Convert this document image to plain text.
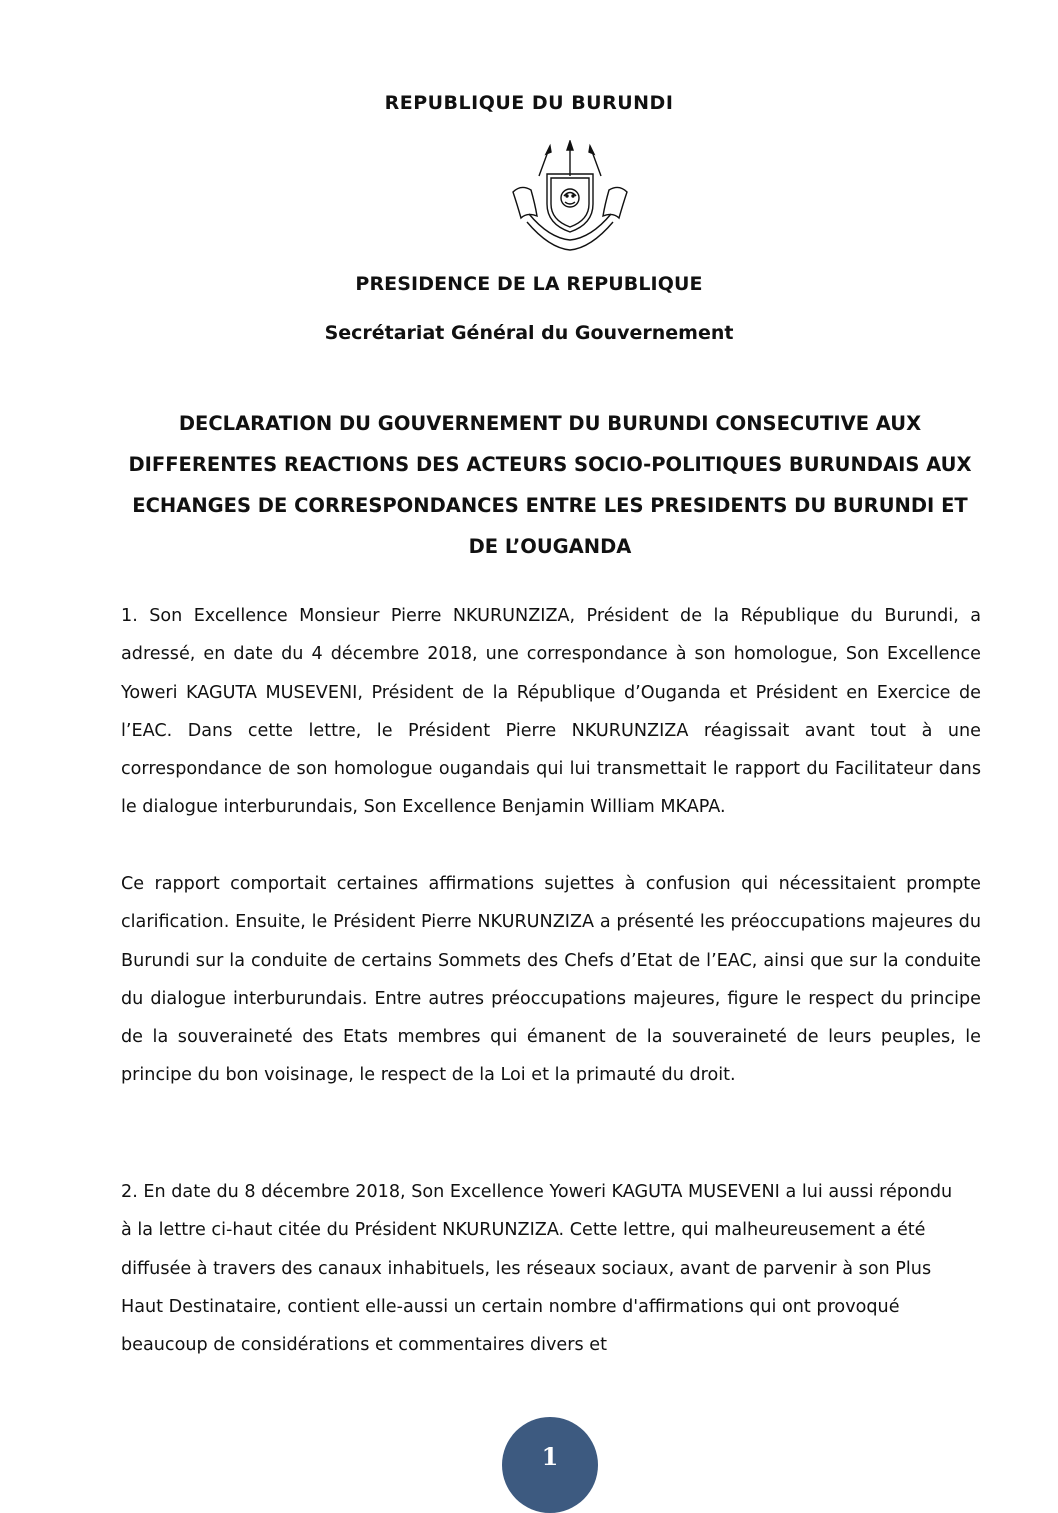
REPUBLIQUE DU BURUNDI
PRESIDENCE DE LA REPUBLIQUE
Secrétariat Général du Gouvernement
DECLARATION DU GOUVERNEMENT DU BURUNDI CONSECUTIVE AUX
DIFFERENTES REACTIONS DES ACTEURS SOCIO-POLITIQUES BURUNDAIS AUX
ECHANGES DE CORRESPONDANCES ENTRE LES PRESIDENTS DU BURUNDI ET
DE L’OUGANDA
1. Son Excellence Monsieur Pierre NKURUNZIZA, Président de la République du Burundi, a adressé, en date du 4 décembre 2018, une correspondance à son homologue, Son Excellence Yoweri KAGUTA MUSEVENI, Président de la République d’Ouganda et Président en Exercice de l’EAC. Dans cette lettre, le Président Pierre NKURUNZIZA réagissait avant tout à une correspondance de son homologue ougandais qui lui transmettait le rapport du Facilitateur dans le dialogue interburundais, Son Excellence Benjamin William MKAPA.
Ce rapport comportait certaines affirmations sujettes à confusion qui nécessitaient prompte clarification. Ensuite, le Président Pierre NKURUNZIZA a présenté les préoccupations majeures du Burundi sur la conduite de certains Sommets des Chefs d’Etat de l’EAC, ainsi que sur la conduite du dialogue interburundais. Entre autres préoccupations majeures, figure le respect du principe de la souveraineté des Etats membres qui émanent de la souveraineté de leurs peuples, le principe du bon voisinage, le respect de la Loi et la primauté du droit.
2. En date du 8 décembre 2018, Son Excellence Yoweri KAGUTA MUSEVENI a lui aussi répondu à la lettre ci-haut citée du Président NKURUNZIZA. Cette lettre, qui malheureusement a été diffusée à travers des canaux inhabituels, les réseaux sociaux, avant de parvenir à son Plus Haut Destinataire, contient elle-aussi un certain nombre d'affirmations qui ont provoqué beaucoup de considérations et commentaires divers et
1
